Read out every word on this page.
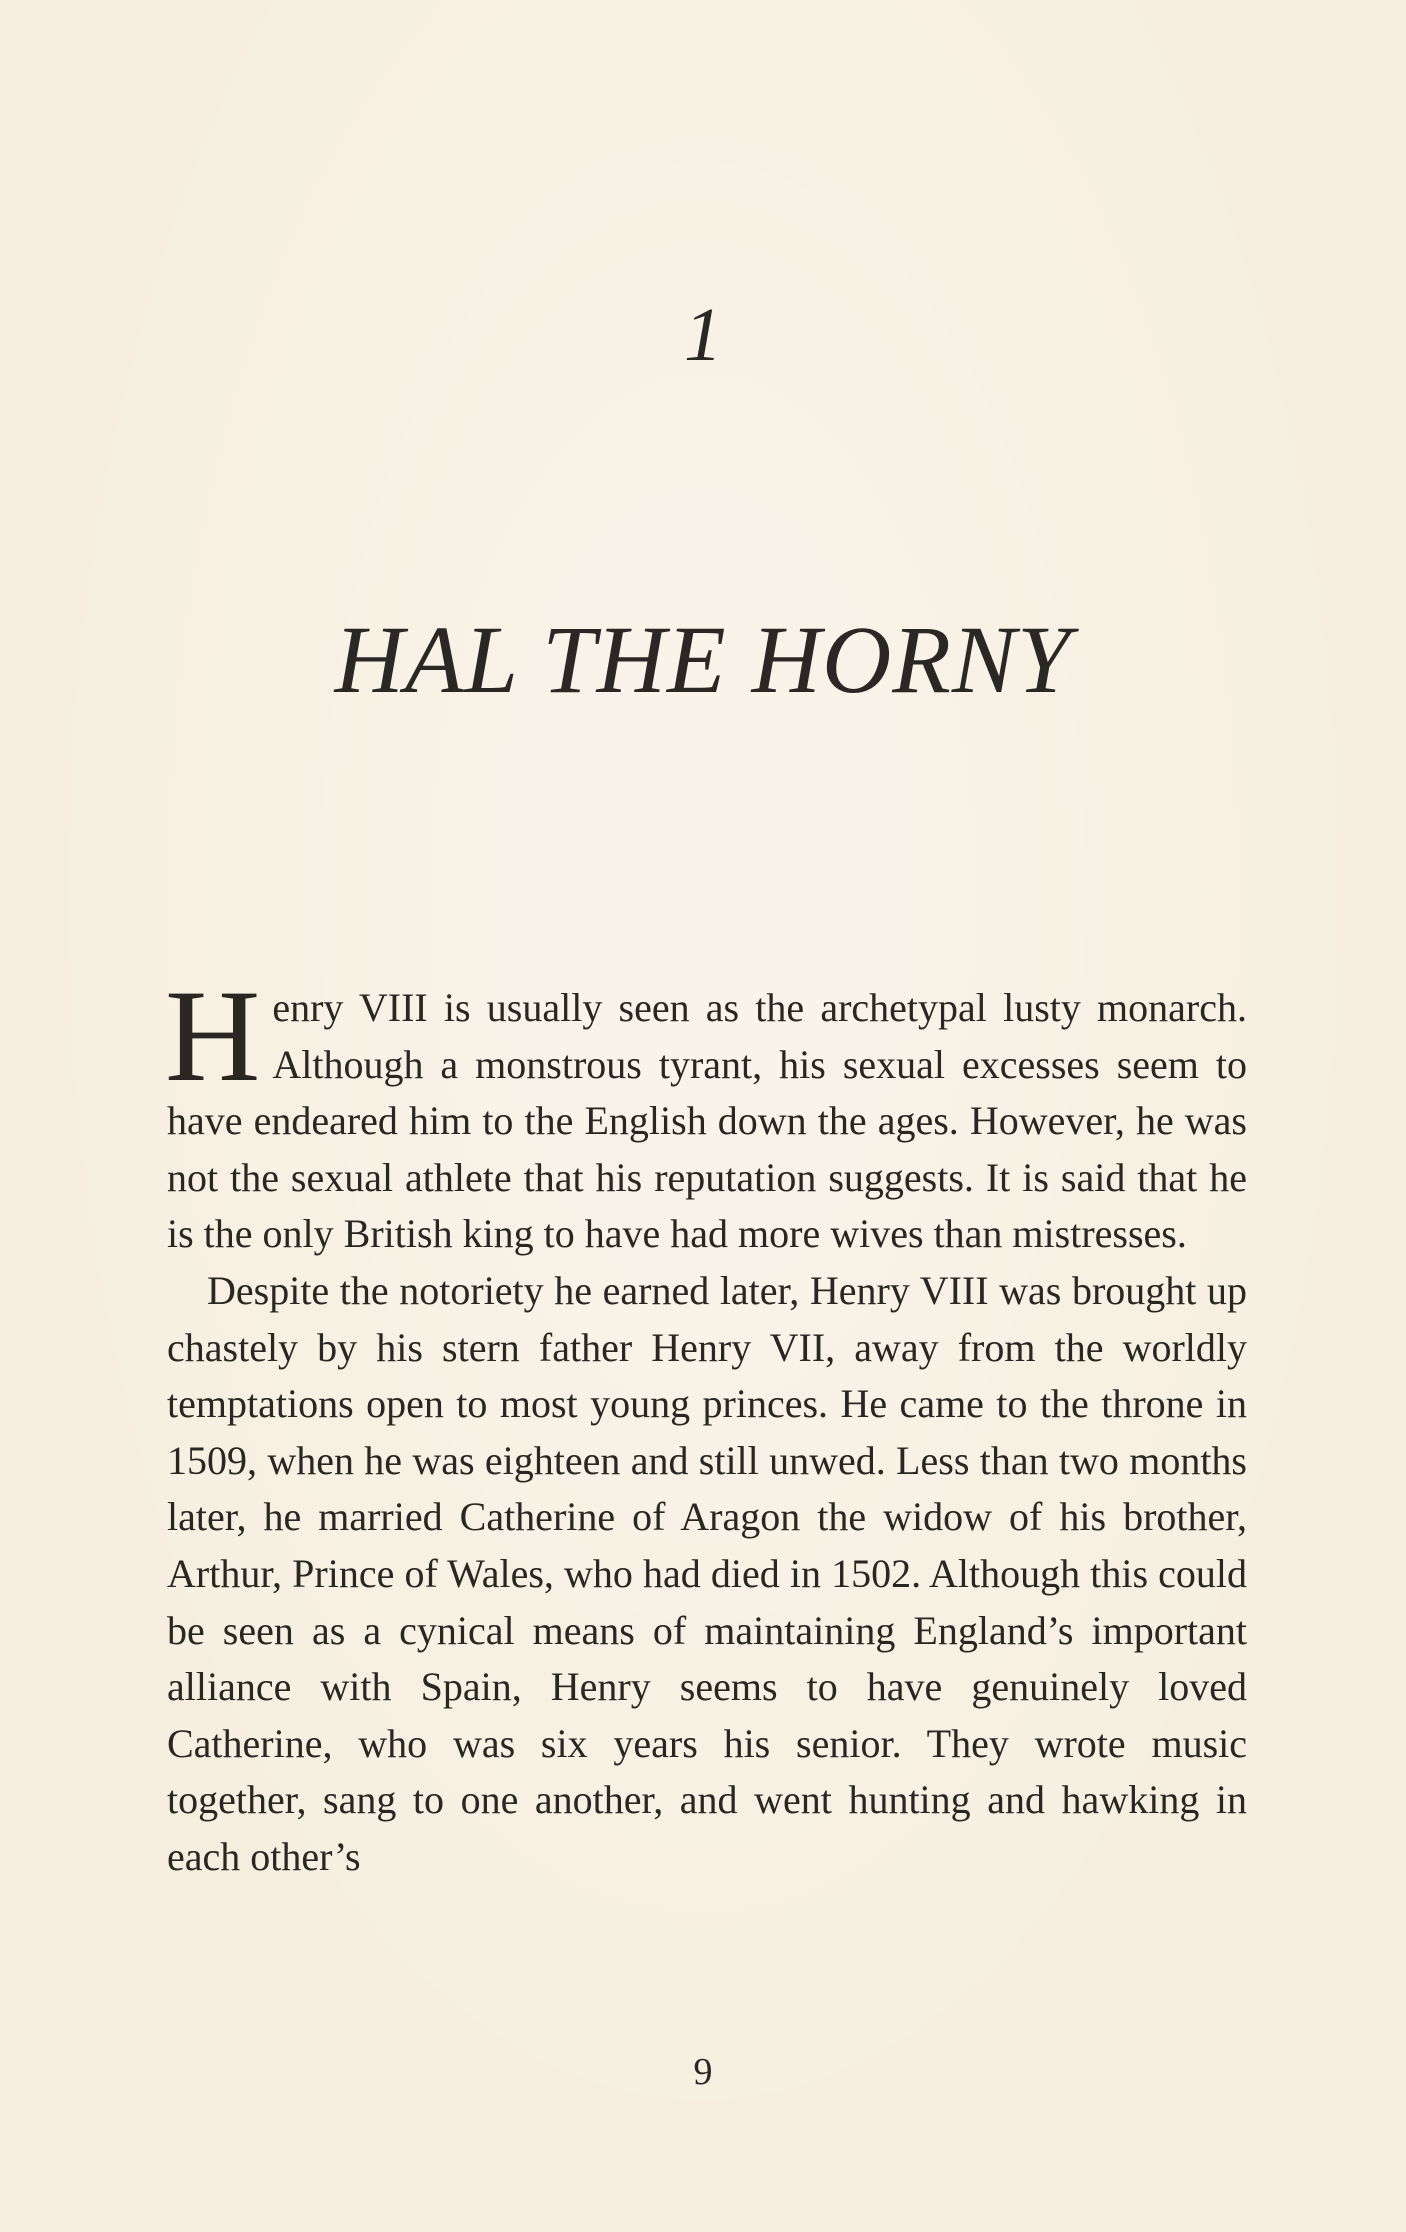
1
HAL THE HORNY

Henry VIII is usually seen as the archetypal lusty monarch. Although a monstrous tyrant, his sexual excesses seem to have endeared him to the English down the ages. However, he was not the sexual athlete that his reputation suggests. It is said that he is the only British king to have had more wives than mistresses.

Despite the notoriety he earned later, Henry VIII was brought up chastely by his stern father Henry VII, away from the worldly temptations open to most young princes. He came to the throne in 1509, when he was eighteen and still unwed. Less than two months later, he married Catherine of Aragon the widow of his brother, Arthur, Prince of Wales, who had died in 1502. Although this could be seen as a cynical means of maintaining England’s important alliance with Spain, Henry seems to have genuinely loved Catherine, who was six years his senior. They wrote music together, sang to one another, and went hunting and hawking in each other’s

9
